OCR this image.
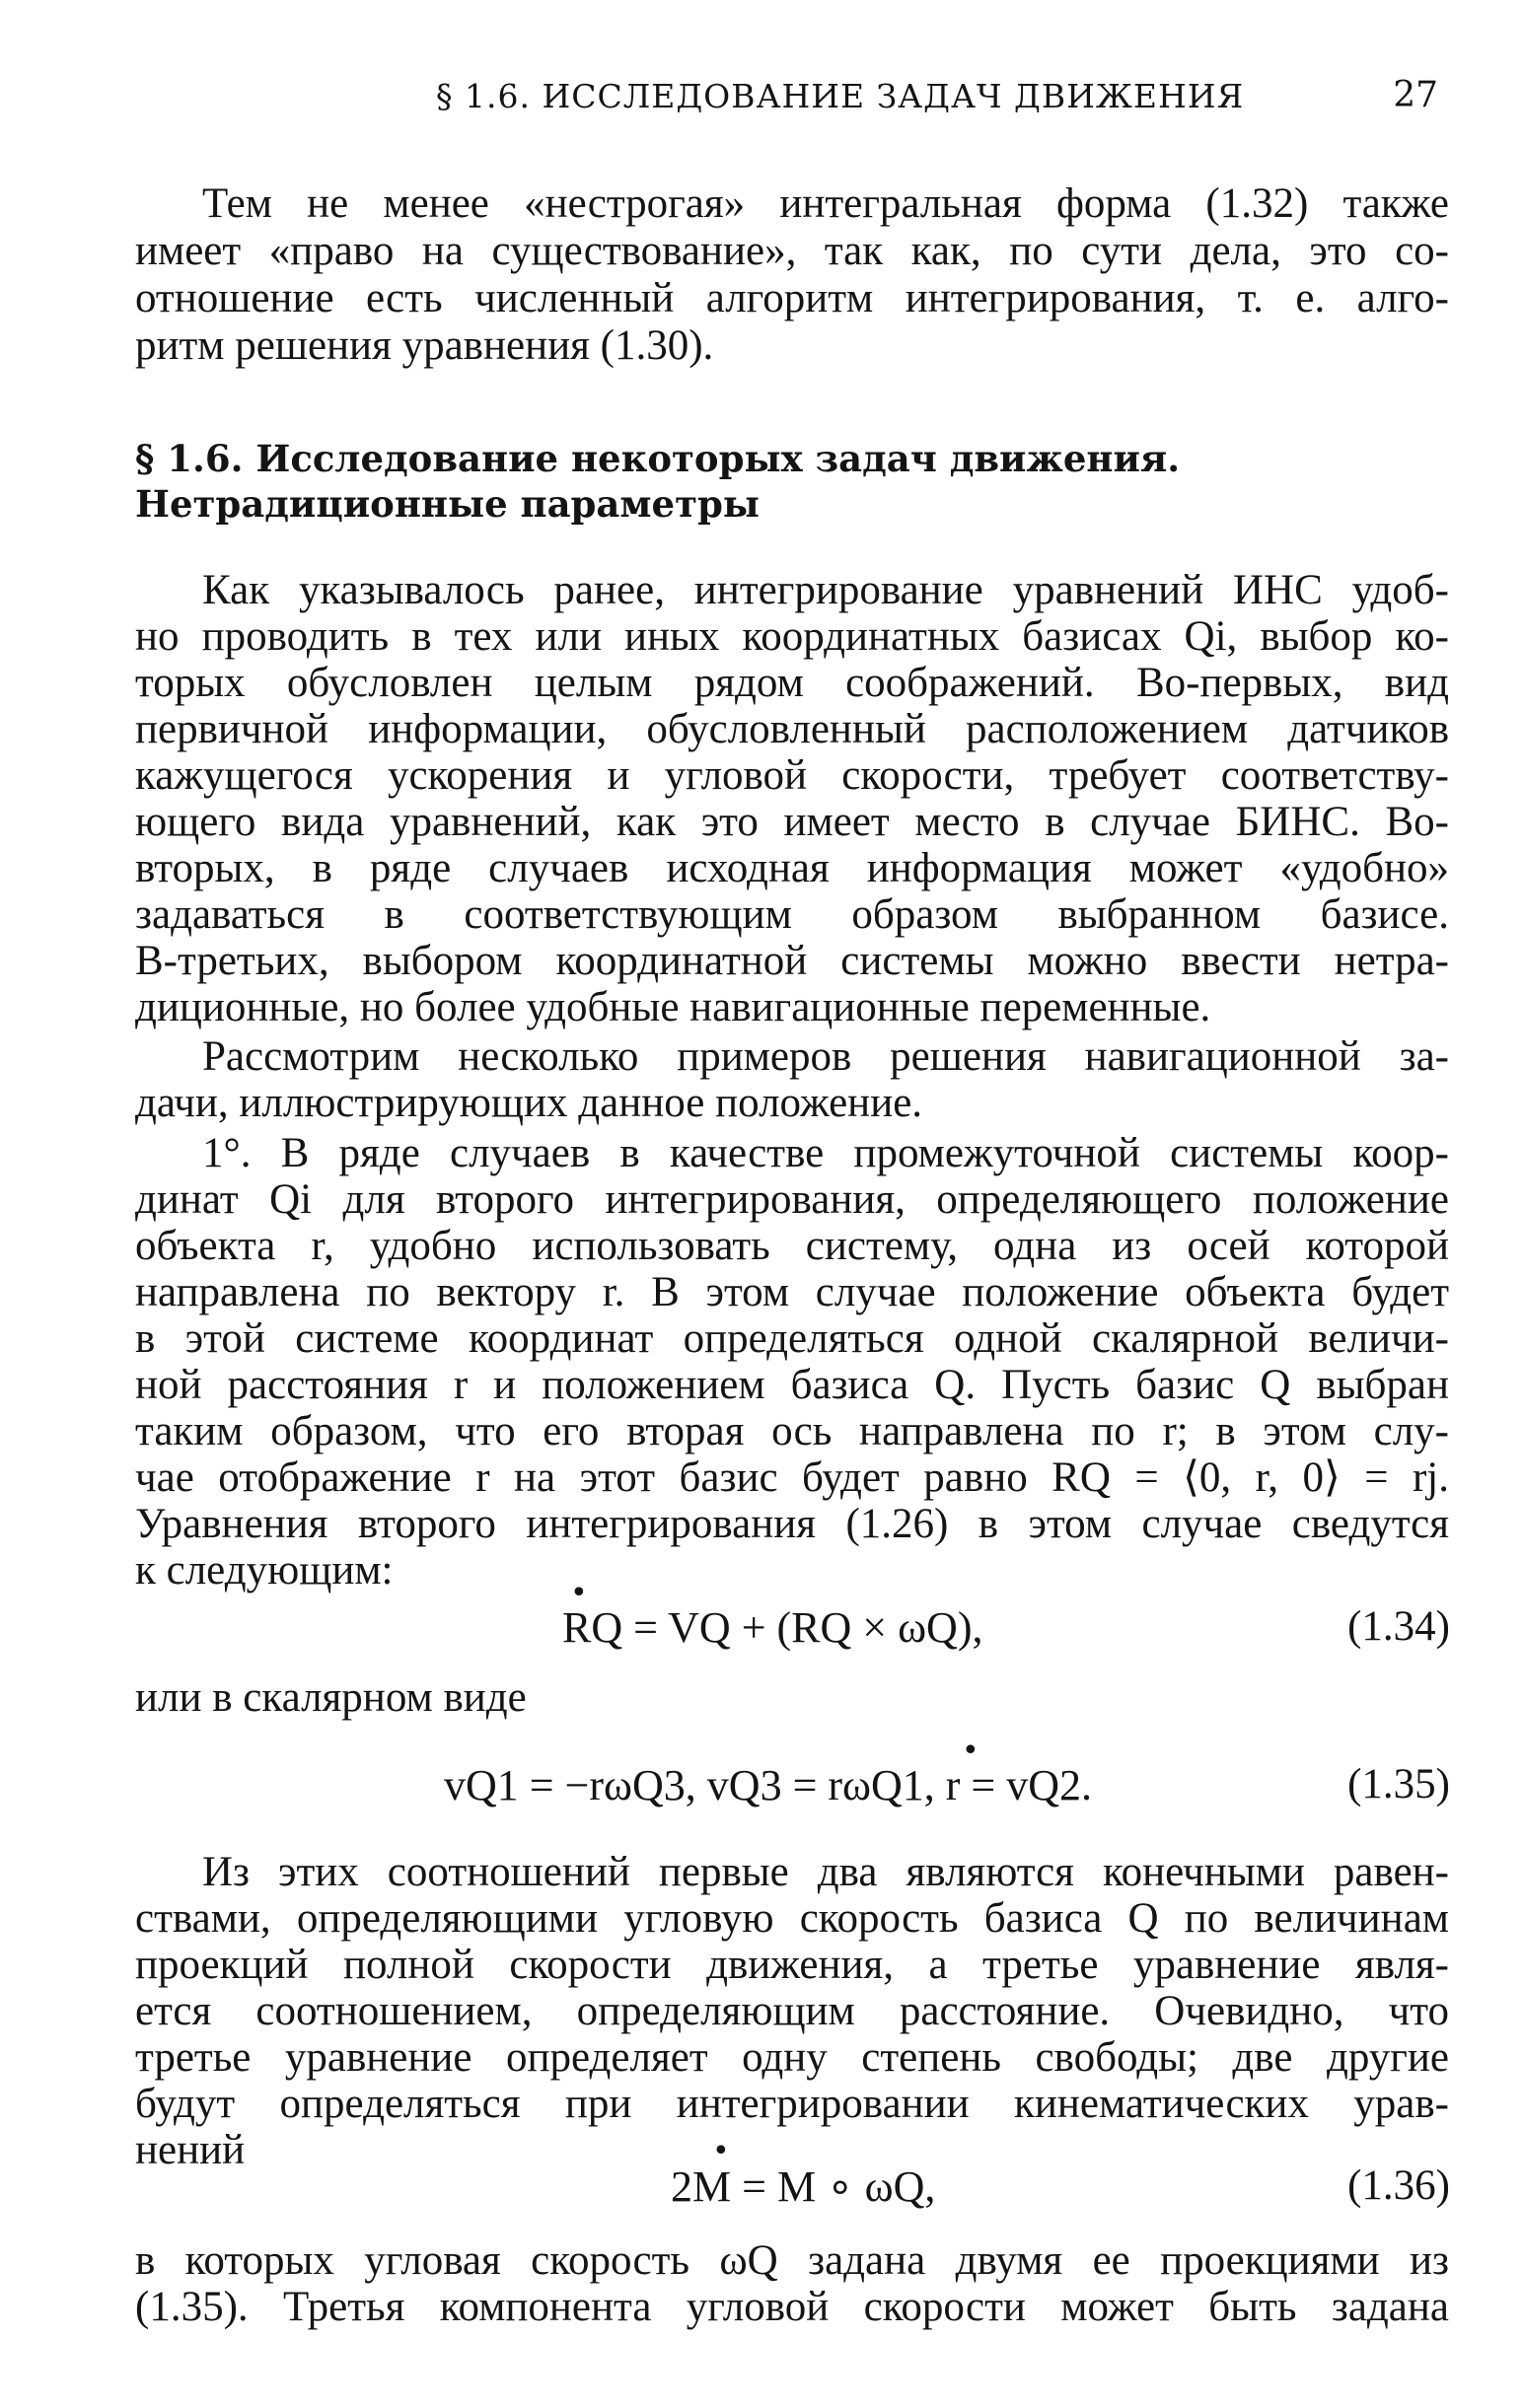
§ 1.6. ИССЛЕДОВАНИЕ ЗАДАЧ ДВИЖЕНИЯ	27
Тем не менее «нестрогая» интегральная форма (1.32) также
имеет «право на существование», так как, по сути дела, это со-
отношение есть численный алгоритм интегрирования, т. е. алго-
ритм решения уравнения (1.30).
§ 1.6. Исследование некоторых задач движения.
Нетрадиционные параметры
Как указывалось ранее, интегрирование уравнений ИНС удоб-
но проводить в тех или иных координатных базисах Qi, выбор ко-
торых обусловлен целым рядом соображений. Во-первых, вид
первичной информации, обусловленный расположением датчиков
кажущегося ускорения и угловой скорости, требует соответству-
ющего вида уравнений, как это имеет место в случае БИНС. Во-
вторых, в ряде случаев исходная информация может «удобно»
задаваться в соответствующим образом выбранном базисе.
В-третьих, выбором координатной системы можно ввести нетра-
диционные, но более удобные навигационные переменные.
Рассмотрим несколько примеров решения навигационной за-
дачи, иллюстрирующих данное положение.
1°. В ряде случаев в качестве промежуточной системы коор-
динат Qi для второго интегрирования, определяющего положение
объекта r, удобно использовать систему, одна из осей которой
направлена по вектору r. В этом случае положение объекта будет
в этой системе координат определяться одной скалярной величи-
ной расстояния r и положением базиса Q. Пусть базис Q выбран
таким образом, что его вторая ось направлена по r; в этом слу-
чае отображение r на этот базис будет равно RQ = ⟨0, r, 0⟩ = rj.
Уравнения второго интегрирования (1.26) в этом случае сведутся
к следующим:	•
RQ = VQ + (RQ × ωQ),	(1.34)
или в скалярном виде
•
vQ1 = −rωQ3, vQ3 = rωQ1, r = vQ2.	(1.35)
Из этих соотношений первые два являются конечными равен-
ствами, определяющими угловую скорость базиса Q по величинам
проекций полной скорости движения, а третье уравнение явля-
ется соотношением, определяющим расстояние. Очевидно, что
третье уравнение определяет одну степень свободы; две другие
будут определяться при интегрировании кинематических урав-
нений	•
2M = M ∘ ωQ,	(1.36)
в которых угловая скорость ωQ задана двумя ее проекциями из
(1.35). Третья компонента угловой скорости может быть задана
